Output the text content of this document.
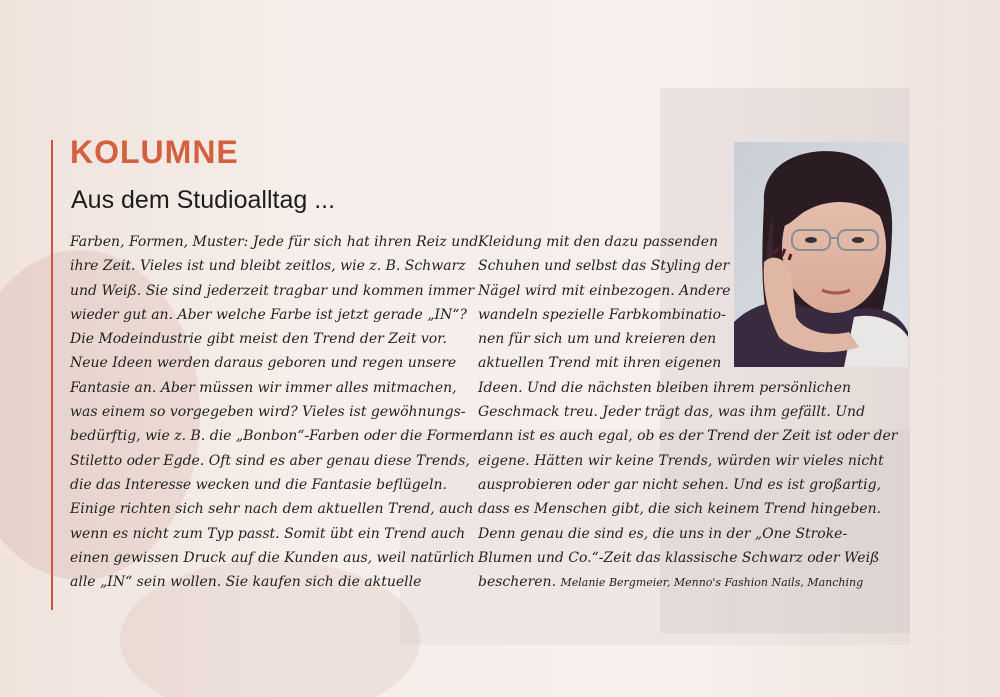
KOLUMNE
Aus dem Studioalltag ...
Farben, Formen, Muster: Jede für sich hat ihren Reiz und
ihre Zeit. Vieles ist und bleibt zeitlos, wie z. B. Schwarz
und Weiß. Sie sind jederzeit tragbar und kommen immer
wieder gut an. Aber welche Farbe ist jetzt gerade „IN“?
Die Modeindustrie gibt meist den Trend der Zeit vor.
Neue Ideen werden daraus geboren und regen unsere
Fantasie an. Aber müssen wir immer alles mitmachen,
was einem so vorgegeben wird? Vieles ist gewöhnungs-
bedürftig, wie z. B. die „Bonbon“-Farben oder die Formen
Stiletto oder Egde. Oft sind es aber genau diese Trends,
die das Interesse wecken und die Fantasie beflügeln.
Einige richten sich sehr nach dem aktuellen Trend, auch
wenn es nicht zum Typ passt. Somit übt ein Trend auch
einen gewissen Druck auf die Kunden aus, weil natürlich
alle „IN“ sein wollen. Sie kaufen sich die aktuelle
Kleidung mit den dazu passenden
Schuhen und selbst das Styling der
Nägel wird mit einbezogen. Andere
wandeln spezielle Farbkombinatio-
nen für sich um und kreieren den
aktuellen Trend mit ihren eigenen
Ideen. Und die nächsten bleiben ihrem persönlichen
Geschmack treu. Jeder trägt das, was ihm gefällt. Und
dann ist es auch egal, ob es der Trend der Zeit ist oder der
eigene. Hätten wir keine Trends, würden wir vieles nicht
ausprobieren oder gar nicht sehen. Und es ist großartig,
dass es Menschen gibt, die sich keinem Trend hingeben.
Denn genau die sind es, die uns in der „One Stroke-
Blumen und Co.“-Zeit das klassische Schwarz oder Weiß
bescheren. Melanie Bergmeier, Menno's Fashion Nails, Manching
